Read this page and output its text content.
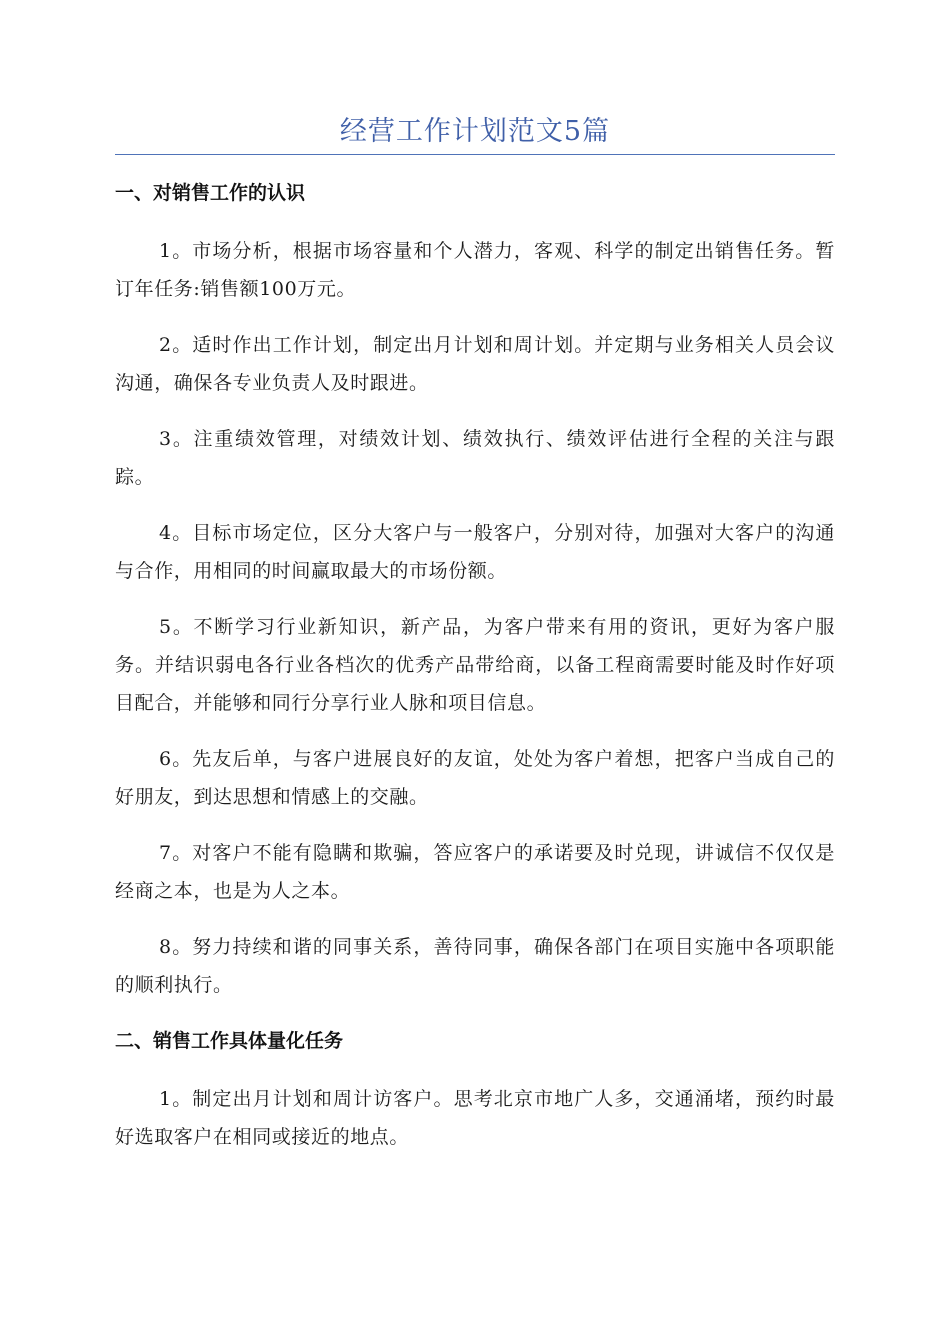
经营工作计划范文5篇
一、对销售工作的认识

1。市场分析，根据市场容量和个人潜力，客观、科学的制定出销售任务。暂订年任务:销售额100万元。

2。适时作出工作计划，制定出月计划和周计划。并定期与业务相关人员会议沟通，确保各专业负责人及时跟进。

3。注重绩效管理，对绩效计划、绩效执行、绩效评估进行全程的关注与跟踪。

4。目标市场定位，区分大客户与一般客户，分别对待，加强对大客户的沟通与合作，用相同的时间赢取最大的市场份额。

5。不断学习行业新知识，新产品，为客户带来有用的资讯，更好为客户服务。并结识弱电各行业各档次的优秀产品带给商，以备工程商需要时能及时作好项目配合，并能够和同行分享行业人脉和项目信息。

6。先友后单，与客户进展良好的友谊，处处为客户着想，把客户当成自己的好朋友，到达思想和情感上的交融。

7。对客户不能有隐瞒和欺骗，答应客户的承诺要及时兑现，讲诚信不仅仅是经商之本，也是为人之本。

8。努力持续和谐的同事关系，善待同事，确保各部门在项目实施中各项职能的顺利执行。

二、销售工作具体量化任务

1。制定出月计划和周计访客户。思考北京市地广人多，交通涌堵，预约时最好选取客户在相同或接近的地点。
